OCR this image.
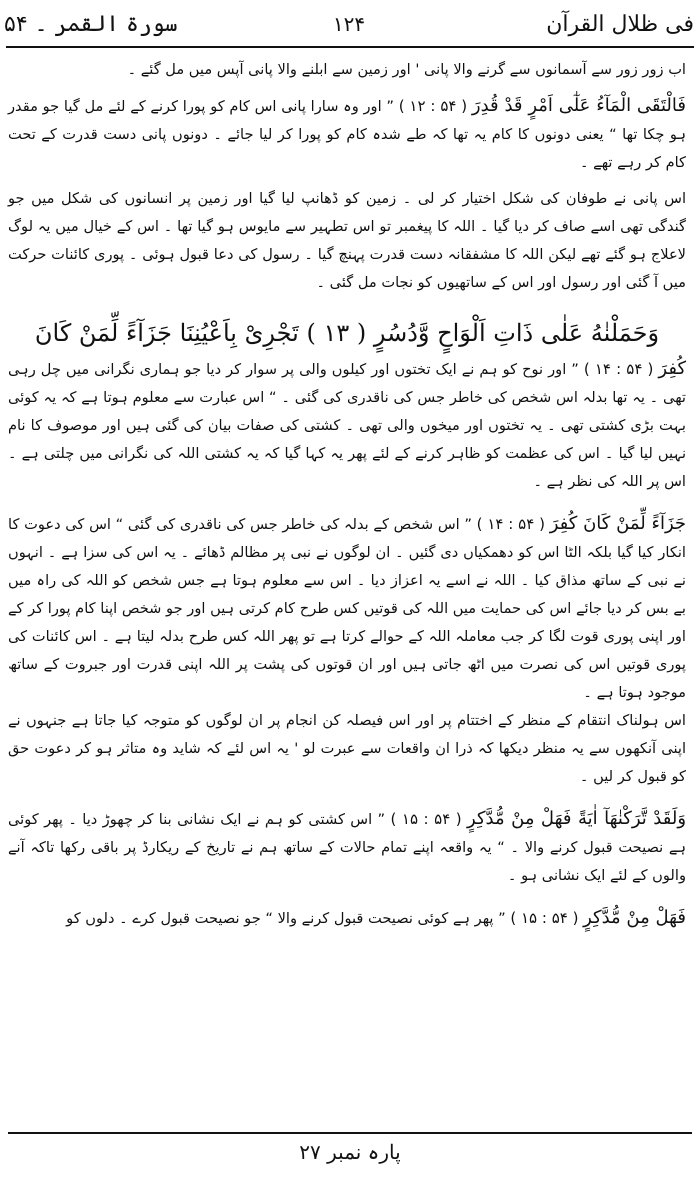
فی ظلال القرآن
۱۲۴
سورۃ القمر ۔ ۵۴

اب زور زور سے آسمانوں سے گرنے والا پانی ' اور زمین سے ابلنے والا پانی آپس میں مل گئے ۔

فَالْتَقَی الْمَآءُ عَلٰٓی اَمْرٍ قَدْ قُدِرَ ( ۵۴ : ۱۲ ) ” اور وہ سارا پانی اس کام کو پورا کرنے کے لئے مل گیا جو مقدر ہو چکا تھا “ یعنی دونوں کا کام یہ تھا کہ طے شدہ کام کو پورا کر لیا جائے ۔ دونوں پانی دست قدرت کے تحت کام کر رہے تھے ۔

اس پانی نے طوفان کی شکل اختیار کر لی ۔ زمین کو ڈھانپ لیا گیا اور زمین پر انسانوں کی شکل میں جو گندگی تھی اسے صاف کر دیا گیا ۔ اللہ کا پیغمبر تو اس تطہیر سے مایوس ہو گیا تھا ۔ اس کے خیال میں یہ لوگ لاعلاج ہو گئے تھے لیکن اللہ کا مشفقانہ دست قدرت پہنچ گیا ۔ رسول کی دعا قبول ہوئی ۔ پوری کائنات حرکت میں آ گئی اور رسول اور اس کے ساتھیوں کو نجات مل گئی ۔

وَحَمَلْنٰهُ عَلٰی ذَاتِ اَلْوَاحٍ وَّدُسُرٍ ( ۱۳ ) تَجْرِیْ بِاَعْیُنِنَا جَزَآءً لِّمَنْ كَانَ

كُفِرَ ( ۵۴ : ۱۴ ) ” اور نوح کو ہم نے ایک تختوں اور کیلوں والی پر سوار کر دیا جو ہماری نگرانی میں چل رہی تھی ۔ یہ تھا بدلہ اس شخص کی خاطر جس کی ناقدری کی گئی ۔ “ اس عبارت سے معلوم ہوتا ہے کہ یہ کوئی بہت بڑی کشتی تھی ۔ یہ تختوں اور میخوں والی تھی ۔ کشتی کی صفات بیان کی گئی ہیں اور موصوف کا نام نہیں لیا گیا ۔ اس کی عظمت کو ظاہر کرنے کے لئے پھر یہ کہا گیا کہ یہ کشتی اللہ کی نگرانی میں چلتی ہے ۔ اس پر اللہ کی نظر ہے ۔

جَزَآءً لِّمَنْ كَانَ كُفِرَ ( ۵۴ : ۱۴ ) ” اس شخص کے بدلہ کی خاطر جس کی ناقدری کی گئی “ اس کی دعوت کا انکار کیا گیا بلکہ الٹا اس کو دھمکیاں دی گئیں ۔ ان لوگوں نے نبی پر مظالم ڈھائے ۔ یہ اس کی سزا ہے ۔ انہوں نے نبی کے ساتھ مذاق کیا ۔ اللہ نے اسے یہ اعزاز دیا ۔ اس سے معلوم ہوتا ہے جس شخص کو اللہ کی راہ میں بے بس کر دیا جائے اس کی حمایت میں اللہ کی قوتیں کس طرح کام کرتی ہیں اور جو شخص اپنا کام پورا کر کے اور اپنی پوری قوت لگا کر جب معاملہ اللہ کے حوالے کرتا ہے تو پھر اللہ کس طرح بدلہ لیتا ہے ۔ اس کائنات کی پوری قوتیں اس کی نصرت میں اٹھ جاتی ہیں اور ان قوتوں کی پشت پر اللہ اپنی قدرت اور جبروت کے ساتھ موجود ہوتا ہے ۔

اس ہولناک انتقام کے منظر کے اختتام پر اور اس فیصلہ کن انجام پر ان لوگوں کو متوجہ کیا جاتا ہے جنہوں نے اپنی آنکھوں سے یہ منظر دیکھا کہ ذرا ان واقعات سے عبرت لو ' یہ اس لئے کہ شاید وہ متاثر ہو کر دعوت حق کو قبول کر لیں ۔

وَلَقَدْ تَّرَكْنٰهَآ اٰيَةً فَهَلْ مِنْ مُّدَّكِرٍ ( ۵۴ : ۱۵ ) ” اس کشتی کو ہم نے ایک نشانی بنا کر چھوڑ دیا ۔ پھر کوئی ہے نصیحت قبول کرنے والا ۔ “ یہ واقعہ اپنے تمام حالات کے ساتھ ہم نے تاریخ کے ریکارڈ پر باقی رکھا تاکہ آنے والوں کے لئے ایک نشانی ہو ۔

فَهَلْ مِنْ مُّدَّكِرٍ ( ۵۴ : ۱۵ ) ” پھر ہے کوئی نصیحت قبول کرنے والا “ جو نصیحت قبول کرے ۔ دلوں کو

پارہ نمبر ۲۷
